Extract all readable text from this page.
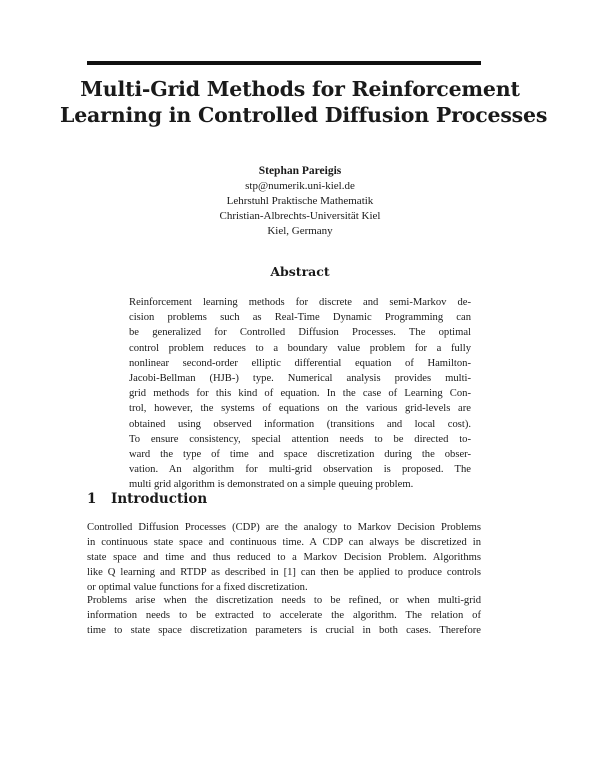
Multi-Grid Methods for Reinforcement
Learning in Controlled Diffusion Processes
Stephan Pareigis
stp@numerik.uni-kiel.de
Lehrstuhl Praktische Mathematik
Christian-Albrechts-Universität Kiel
Kiel, Germany
Abstract
Reinforcement learning methods for discrete and semi-Markov de-
cision problems such as Real-Time Dynamic Programming can
be generalized for Controlled Diffusion Processes. The optimal
control problem reduces to a boundary value problem for a fully
nonlinear second-order elliptic differential equation of Hamilton-
Jacobi-Bellman (HJB-) type. Numerical analysis provides multi-
grid methods for this kind of equation. In the case of Learning Con-
trol, however, the systems of equations on the various grid-levels are
obtained using observed information (transitions and local cost).
To ensure consistency, special attention needs to be directed to-
ward the type of time and space discretization during the obser-
vation. An algorithm for multi-grid observation is proposed. The
multi grid algorithm is demonstrated on a simple queuing problem.
1 Introduction
Controlled Diffusion Processes (CDP) are the analogy to Markov Decision Problems
in continuous state space and continuous time. A CDP can always be discretized in
state space and time and thus reduced to a Markov Decision Problem. Algorithms
like Q learning and RTDP as described in [1] can then be applied to produce controls
or optimal value functions for a fixed discretization.
Problems arise when the discretization needs to be refined, or when multi-grid
information needs to be extracted to accelerate the algorithm. The relation of
time to state space discretization parameters is crucial in both cases. Therefore
